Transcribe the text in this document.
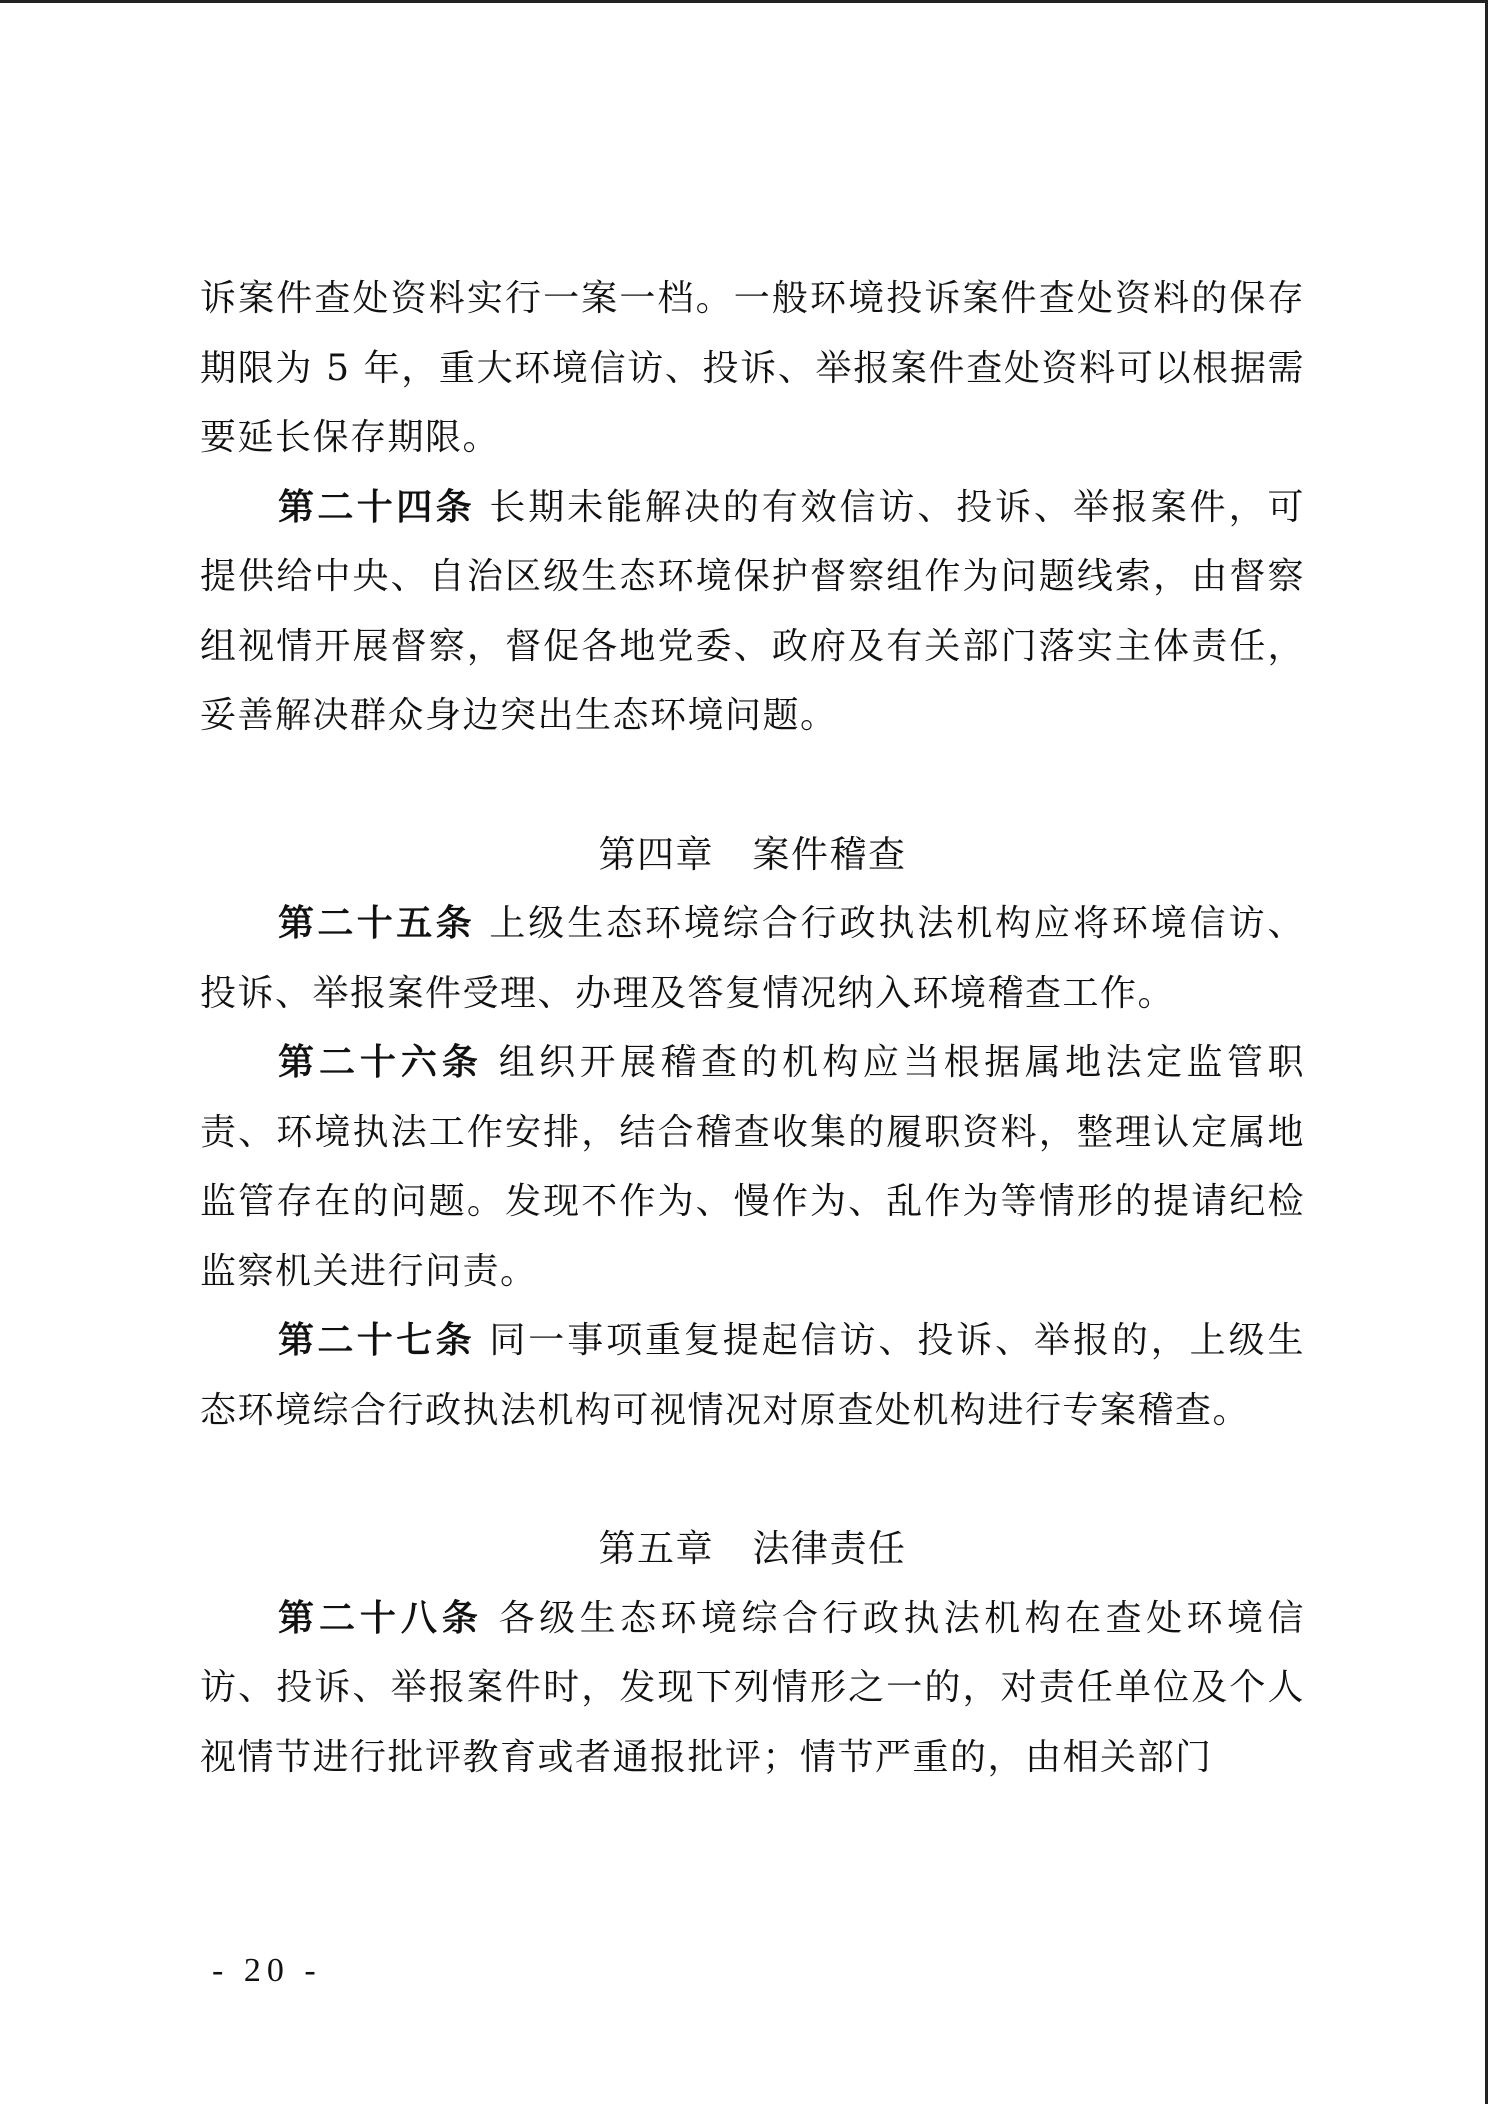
诉案件查处资料实行一案一档。一般环境投诉案件查处资料的保存期限为 5 年，重大环境信访、投诉、举报案件查处资料可以根据需要延长保存期限。

第二十四条 长期未能解决的有效信访、投诉、举报案件，可提供给中央、自治区级生态环境保护督察组作为问题线索，由督察组视情开展督察，督促各地党委、政府及有关部门落实主体责任，妥善解决群众身边突出生态环境问题。

第四章　案件稽查

第二十五条 上级生态环境综合行政执法机构应将环境信访、投诉、举报案件受理、办理及答复情况纳入环境稽查工作。

第二十六条 组织开展稽查的机构应当根据属地法定监管职责、环境执法工作安排，结合稽查收集的履职资料，整理认定属地监管存在的问题。发现不作为、慢作为、乱作为等情形的提请纪检监察机关进行问责。

第二十七条 同一事项重复提起信访、投诉、举报的，上级生态环境综合行政执法机构可视情况对原查处机构进行专案稽查。

第五章　法律责任

第二十八条 各级生态环境综合行政执法机构在查处环境信访、投诉、举报案件时，发现下列情形之一的，对责任单位及个人视情节进行批评教育或者通报批评；情节严重的，由相关部门

- 20 -
